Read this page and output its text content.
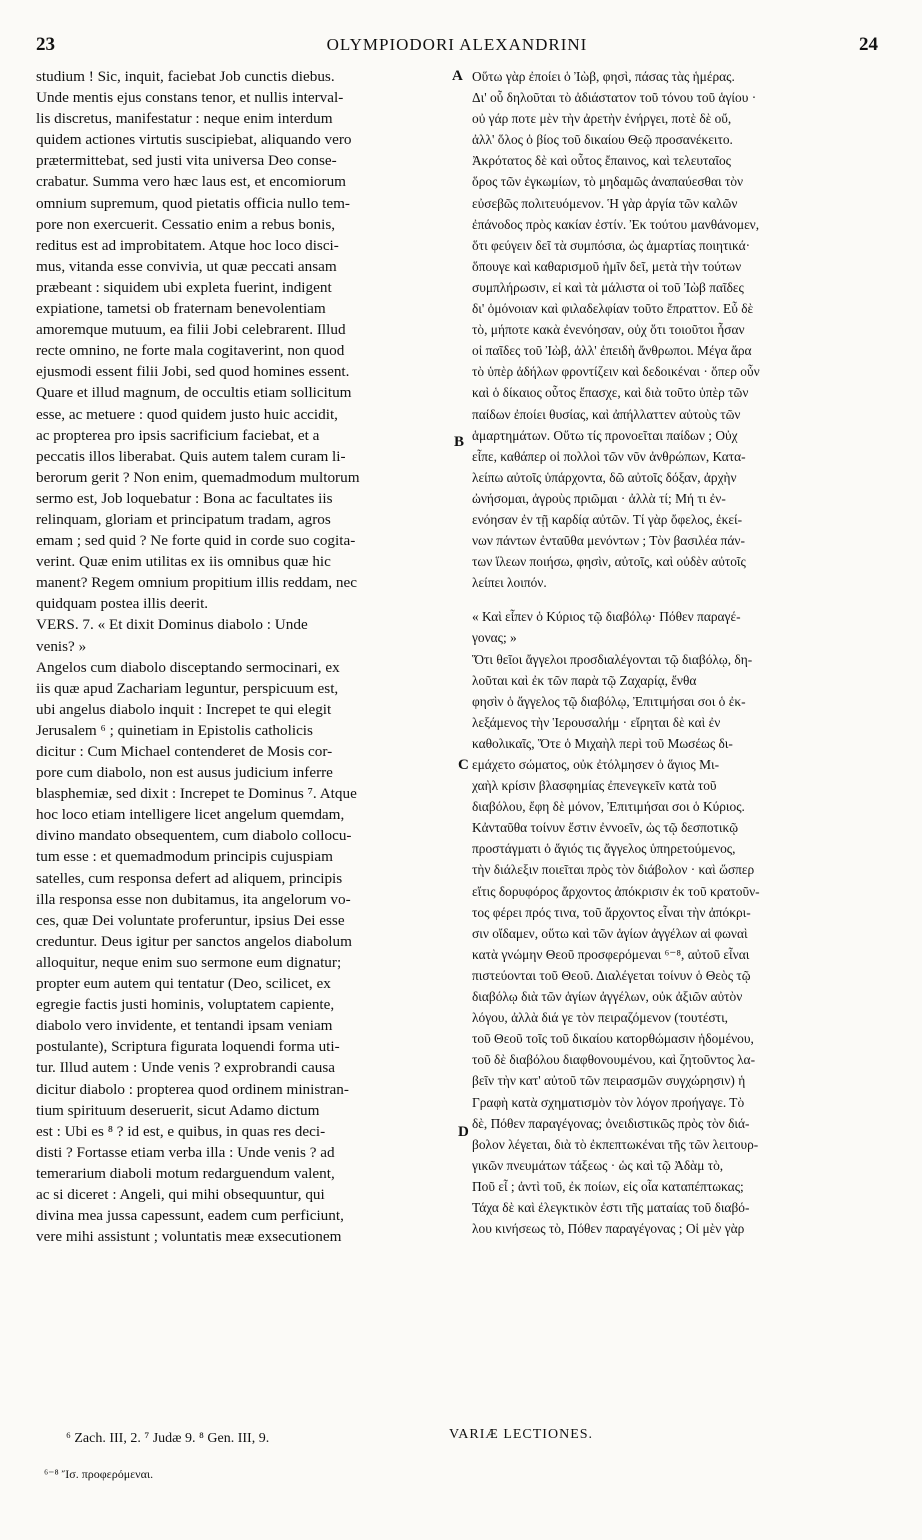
23	OLYMPIODORI ALEXANDRINI	24
studium ! Sic, inquit, faciebat Job cunctis diebus.
Unde mentis ejus constans tenor, et nullis interval-
lis discretus, manifestatur : neque enim interdum
quidem actiones virtutis suscipiebat, aliquando vero
prætermittebat, sed justi vita universa Deo conse-
crabatur. Summa vero hæc laus est, et encomiorum
omnium supremum, quod pietatis officia nullo tem-
pore non exercuerit. Cessatio enim a rebus bonis,
reditus est ad improbitatem. Atque hoc loco disci-
mus, vitanda esse convivia, ut quæ peccati ansam
præbeant : siquidem ubi expleta fuerint, indigent
expiatione, tametsi ob fraternam benevolentiam
amoremque mutuum, ea filii Jobi celebrarent. Illud
recte omnino, ne forte mala cogitaverint, non quod
ejusmodi essent filii Jobi, sed quod homines essent.
Quare et illud magnum, de occultis etiam sollicitum
esse, ac metuere : quod quidem justo huic accidit,
ac propterea pro ipsis sacrificium faciebat, et a
peccatis illos liberabat. Quis autem talem curam li-
berorum gerit ? Non enim, quemadmodum multorum
sermo est, Job loquebatur : Bona ac facultates iis
relinquam, gloriam et principatum tradam, agros
emam ; sed quid ? Ne forte quid in corde suo cogita-
verint. Quæ enim utilitas ex iis omnibus quæ hic
manent? Regem omnium propitium illis reddam, nec
quidquam postea illis deerit.
VERS. 7. « Et dixit Dominus diabolo : Unde
venis? »
Angelos cum diabolo disceptando sermocinari, ex
iis quæ apud Zachariam leguntur, perspicuum est,
ubi angelus diabolo inquit : Increpet te qui elegit
Jerusalem ⁶ ; quinetiam in Epistolis catholicis
dicitur : Cum Michael contenderet de Mosis cor-
pore cum diabolo, non est ausus judicium inferre
blasphemiæ, sed dixit : Increpet te Dominus ⁷. Atque
hoc loco etiam intelligere licet angelum quemdam,
divino mandato obsequentem, cum diabolo collocu-
tum esse : et quemadmodum principis cujuspiam
satelles, cum responsa defert ad aliquem, principis
illa responsa esse non dubitamus, ita angelorum vo-
ces, quæ Dei voluntate proferuntur, ipsius Dei esse
creduntur. Deus igitur per sanctos angelos diabolum
alloquitur, neque enim suo sermone eum dignatur;
propter eum autem qui tentatur (Deo, scilicet, ex
egregie factis justi hominis, voluptatem capiente,
diabolo vero invidente, et tentandi ipsam veniam
postulante), Scriptura figurata loquendi forma uti-
tur. Illud autem : Unde venis ? exprobrandi causa
dicitur diabolo : propterea quod ordinem ministran-
tium spirituum deseruerit, sicut Adamo dictum
est : Ubi es ⁸ ? id est, e quibus, in quas res deci-
disti ? Fortasse etiam verba illa : Unde venis ? ad
temerarium diaboli motum redarguendum valent,
ac si diceret : Angeli, qui mihi obsequuntur, qui
divina mea jussa capessunt, eadem cum perficiunt,
vere mihi assistunt ; voluntatis meæ exsecutionem
Οὕτω γὰρ ἐποίει ὁ Ἰὼβ, φησὶ, πάσας τὰς ἡμέρας.
Δι' οὗ δηλοῦται τὸ ἀδιάστατον τοῦ τόνου τοῦ ἁγίου ·
οὐ γάρ ποτε μὲν τὴν ἀρετὴν ἐνήργει, ποτὲ δὲ οὔ,
ἀλλ' ὅλος ὁ βίος τοῦ δικαίου Θεῷ προσανέκειτο.
Ἀκρότατος δὲ καὶ οὗτος ἔπαινος, καὶ τελευταῖος
ὅρος τῶν ἐγκωμίων, τὸ μηδαμῶς ἀναπαύεσθαι τὸν
εὐσεβῶς πολιτευόμενον. Ἡ γὰρ ἀργία τῶν καλῶν
ἐπάνοδος πρὸς κακίαν ἐστίν. Ἐκ τούτου μανθάνομεν,
ὅτι φεύγειν δεῖ τὰ συμπόσια, ὡς ἁμαρτίας ποιητικά·
ὅπουγε καὶ καθαρισμοῦ ἡμῖν δεῖ, μετὰ τὴν τούτων
συμπλήρωσιν, εἰ καὶ τὰ μάλιστα οἱ τοῦ Ἰὼβ παῖδες
δι' ὁμόνοιαν καὶ φιλαδελφίαν τοῦτο ἔπραττον. Εὖ δὲ
τὸ, μήποτε κακὰ ἐνενόησαν, οὐχ ὅτι τοιοῦτοι ἦσαν
οἱ παῖδες τοῦ Ἰὼβ, ἀλλ' ἐπειδὴ ἄνθρωποι. Μέγα ἄρα
τὸ ὑπὲρ ἀδήλων φροντίζειν καὶ δεδοικέναι · ὅπερ οὖν
καὶ ὁ δίκαιος οὗτος ἔπασχε, καὶ διὰ τοῦτο ὑπὲρ τῶν
παίδων ἐποίει θυσίας, καὶ ἀπήλλαττεν αὐτοὺς τῶν
ἁμαρτημάτων. Οὕτω τίς προνοεῖται παίδων ; Οὐχ
εἶπε, καθάπερ οἱ πολλοὶ τῶν νῦν ἀνθρώπων, Κατα-
λείπω αὐτοῖς ὑπάρχοντα, δῶ αὐτοῖς δόξαν, ἀρχὴν
ὠνήσομαι, ἀγροὺς πριῶμαι · ἀλλὰ τί; Μή τι ἐν-
ενόησαν ἐν τῇ καρδίᾳ αὐτῶν. Τί γὰρ ὄφελος, ἐκεί-
νων πάντων ἐνταῦθα μενόντων ; Τὸν βασιλέα πάν-
των ἵλεων ποιήσω, φησὶν, αὐτοῖς, καὶ οὐδὲν αὐτοῖς
λείπει λοιπόν.
« Καὶ εἶπεν ὁ Κύριος τῷ διαβόλῳ· Πόθεν παραγέ-
γονας; »
Ὅτι θεῖοι ἄγγελοι προσδιαλέγονται τῷ διαβόλῳ, δη-
λοῦται καὶ ἐκ τῶν παρὰ τῷ Ζαχαρίᾳ, ἔνθα
φησὶν ὁ ἄγγελος τῷ διαβόλῳ, Ἐπιτιμήσαι σοι ὁ ἐκ-
λεξάμενος τὴν Ἱερουσαλήμ · εἴρηται δὲ καὶ ἐν
καθολικαῖς, Ὅτε ὁ Μιχαὴλ περὶ τοῦ Μωσέως δι-
εμάχετο σώματος, οὐκ ἐτόλμησεν ὁ ἅγιος Μι-
χαὴλ κρίσιν βλασφημίας ἐπενεγκεῖν κατὰ τοῦ
διαβόλου, ἔφη δὲ μόνον, Ἐπιτιμήσαι σοι ὁ Κύριος.
Κἀνταῦθα τοίνυν ἔστιν ἐννοεῖν, ὡς τῷ δεσποτικῷ
προστάγματι ὁ ἅγιός τις ἄγγελος ὑπηρετούμενος,
τὴν διάλεξιν ποιεῖται πρὸς τὸν διάβολον · καὶ ὥσπερ
εἴτις δορυφόρος ἄρχοντος ἀπόκρισιν ἐκ τοῦ κρατοῦν-
τος φέρει πρός τινα, τοῦ ἄρχοντος εἶναι τὴν ἀπόκρι-
σιν οἴδαμεν, οὕτω καὶ τῶν ἁγίων ἀγγέλων αἱ φωναὶ
κατὰ γνώμην Θεοῦ προσφερόμεναι ⁶⁻⁸, αὐτοῦ εἶναι
πιστεύονται τοῦ Θεοῦ. Διαλέγεται τοίνυν ὁ Θεὸς τῷ
διαβόλῳ διὰ τῶν ἁγίων ἀγγέλων, οὐκ ἀξιῶν αὐτὸν
λόγου, ἀλλὰ διά γε τὸν πειραζόμενον (τουτέστι,
τοῦ Θεοῦ τοῖς τοῦ δικαίου κατορθώμασιν ἡδομένου,
τοῦ δὲ διαβόλου διαφθονουμένου, καὶ ζητοῦντος λα-
βεῖν τὴν κατ' αὐτοῦ τῶν πειρασμῶν συγχώρησιν) ἡ
Γραφὴ κατὰ σχηματισμὸν τὸν λόγον προήγαγε. Τὸ
δὲ, Πόθεν παραγέγονας; ὀνειδιστικῶς πρὸς τὸν διά-
βολον λέγεται, διὰ τὸ ἐκπεπτωκέναι τῆς τῶν λειτουρ-
γικῶν πνευμάτων τάξεως · ὡς καὶ τῷ Ἀδὰμ τὸ,
Ποῦ εἶ ; ἀντὶ τοῦ, ἐκ ποίων, εἰς οἷα καταπέπτωκας;
Τάχα δὲ καὶ ἐλεγκτικὸν ἐστι τῆς ματαίας τοῦ διαβό-
λου κινήσεως τὸ, Πόθεν παραγέγονας ; Οἱ μὲν γὰρ
A
B
C
D
⁶ Zach. III, 2. ⁷ Judæ 9. ⁸ Gen. III, 9.	VARIÆ LECTIONES.
⁶⁻⁸ Ἴσ. προφερόμεναι.
